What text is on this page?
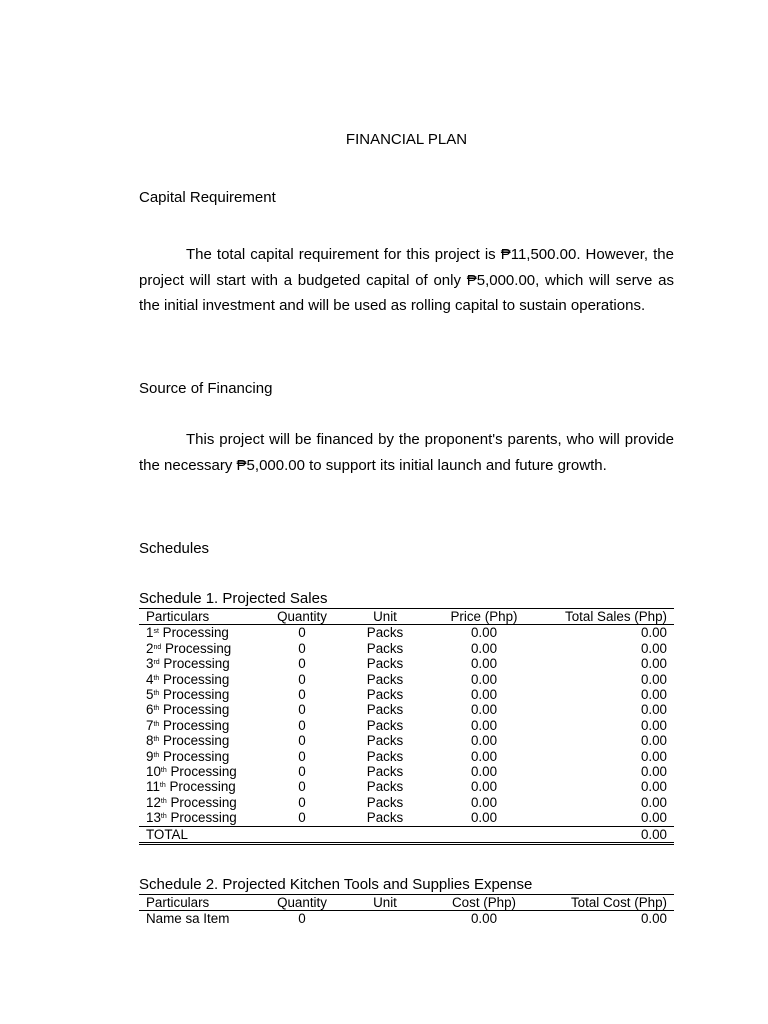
FINANCIAL PLAN
Capital Requirement

The total capital requirement for this project is ₱11,500.00. However, the project will start with a budgeted capital of only ₱5,000.00, which will serve as the initial investment and will be used as rolling capital to sustain operations.

Source of Financing

This project will be financed by the proponent's parents, who will provide the necessary ₱5,000.00 to support its initial launch and future growth.

Schedules
Schedule 1. Projected Sales
Particulars	Quantity	Unit	Price (Php)	Total Sales (Php)
1st Processing	0	Packs	0.00	0.00
2nd Processing	0	Packs	0.00	0.00
3rd Processing	0	Packs	0.00	0.00
4th Processing	0	Packs	0.00	0.00
5th Processing	0	Packs	0.00	0.00
6th Processing	0	Packs	0.00	0.00
7th Processing	0	Packs	0.00	0.00
8th Processing	0	Packs	0.00	0.00
9th Processing	0	Packs	0.00	0.00
10th Processing	0	Packs	0.00	0.00
11th Processing	0	Packs	0.00	0.00
12th Processing	0	Packs	0.00	0.00
13th Processing	0	Packs	0.00	0.00
TOTAL				0.00
Schedule 2. Projected Kitchen Tools and Supplies Expense
Particulars	Quantity	Unit	Cost (Php)	Total Cost (Php)
Name sa Item	0		0.00	0.00
